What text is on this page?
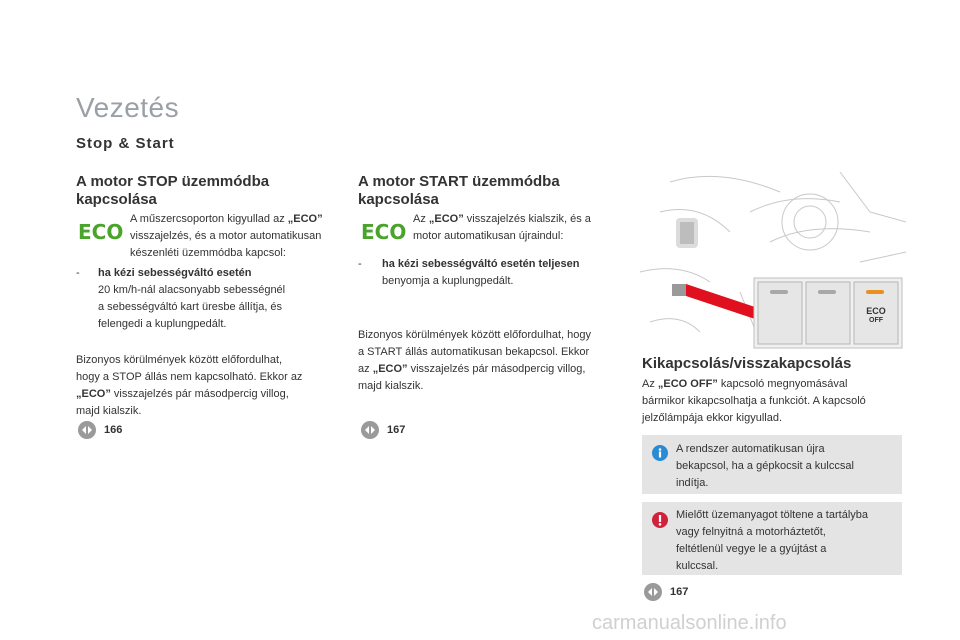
Vezetés
Stop & Start
A motor STOP üzemmódba
kapcsolása
ECO
A műszercsoporton kigyullad az „ECO”
visszajelzés, és a motor automatikusan
készenléti üzemmódba kapcsol:
- ha kézi sebességváltó esetén
20 km/h-nál alacsonyabb sebességnél
a sebességváltó kart üresbe állítja, és
felengedi a kuplungpedált.
Bizonyos körülmények között előfordulhat,
hogy a STOP állás nem kapcsolható. Ekkor az
„ECO” visszajelzés pár másodpercig villog,
majd kialszik.
166
A motor START üzemmódba
kapcsolása
ECO
Az „ECO” visszajelzés kialszik, és a
motor automatikusan újraindul:
- ha kézi sebességváltó esetén teljesen
benyomja a kuplungpedált.
Bizonyos körülmények között előfordulhat, hogy
a START állás automatikusan bekapcsol. Ekkor
az „ECO” visszajelzés pár másodpercig villog,
majd kialszik.
167
ECO
OFF
Kikapcsolás/visszakapcsolás
Az „ECO OFF” kapcsoló megnyomásával
bármikor kikapcsolhatja a funkciót. A kapcsoló
jelzőlámpája ekkor kigyullad.
A rendszer automatikusan újra
bekapcsol, ha a gépkocsit a kulccsal
indítja.
Mielőtt üzemanyagot töltene a tartályba
vagy felnyitná a motorháztetőt,
feltétlenül vegye le a gyújtást a
kulccsal.
167
carmanualsonline.info
